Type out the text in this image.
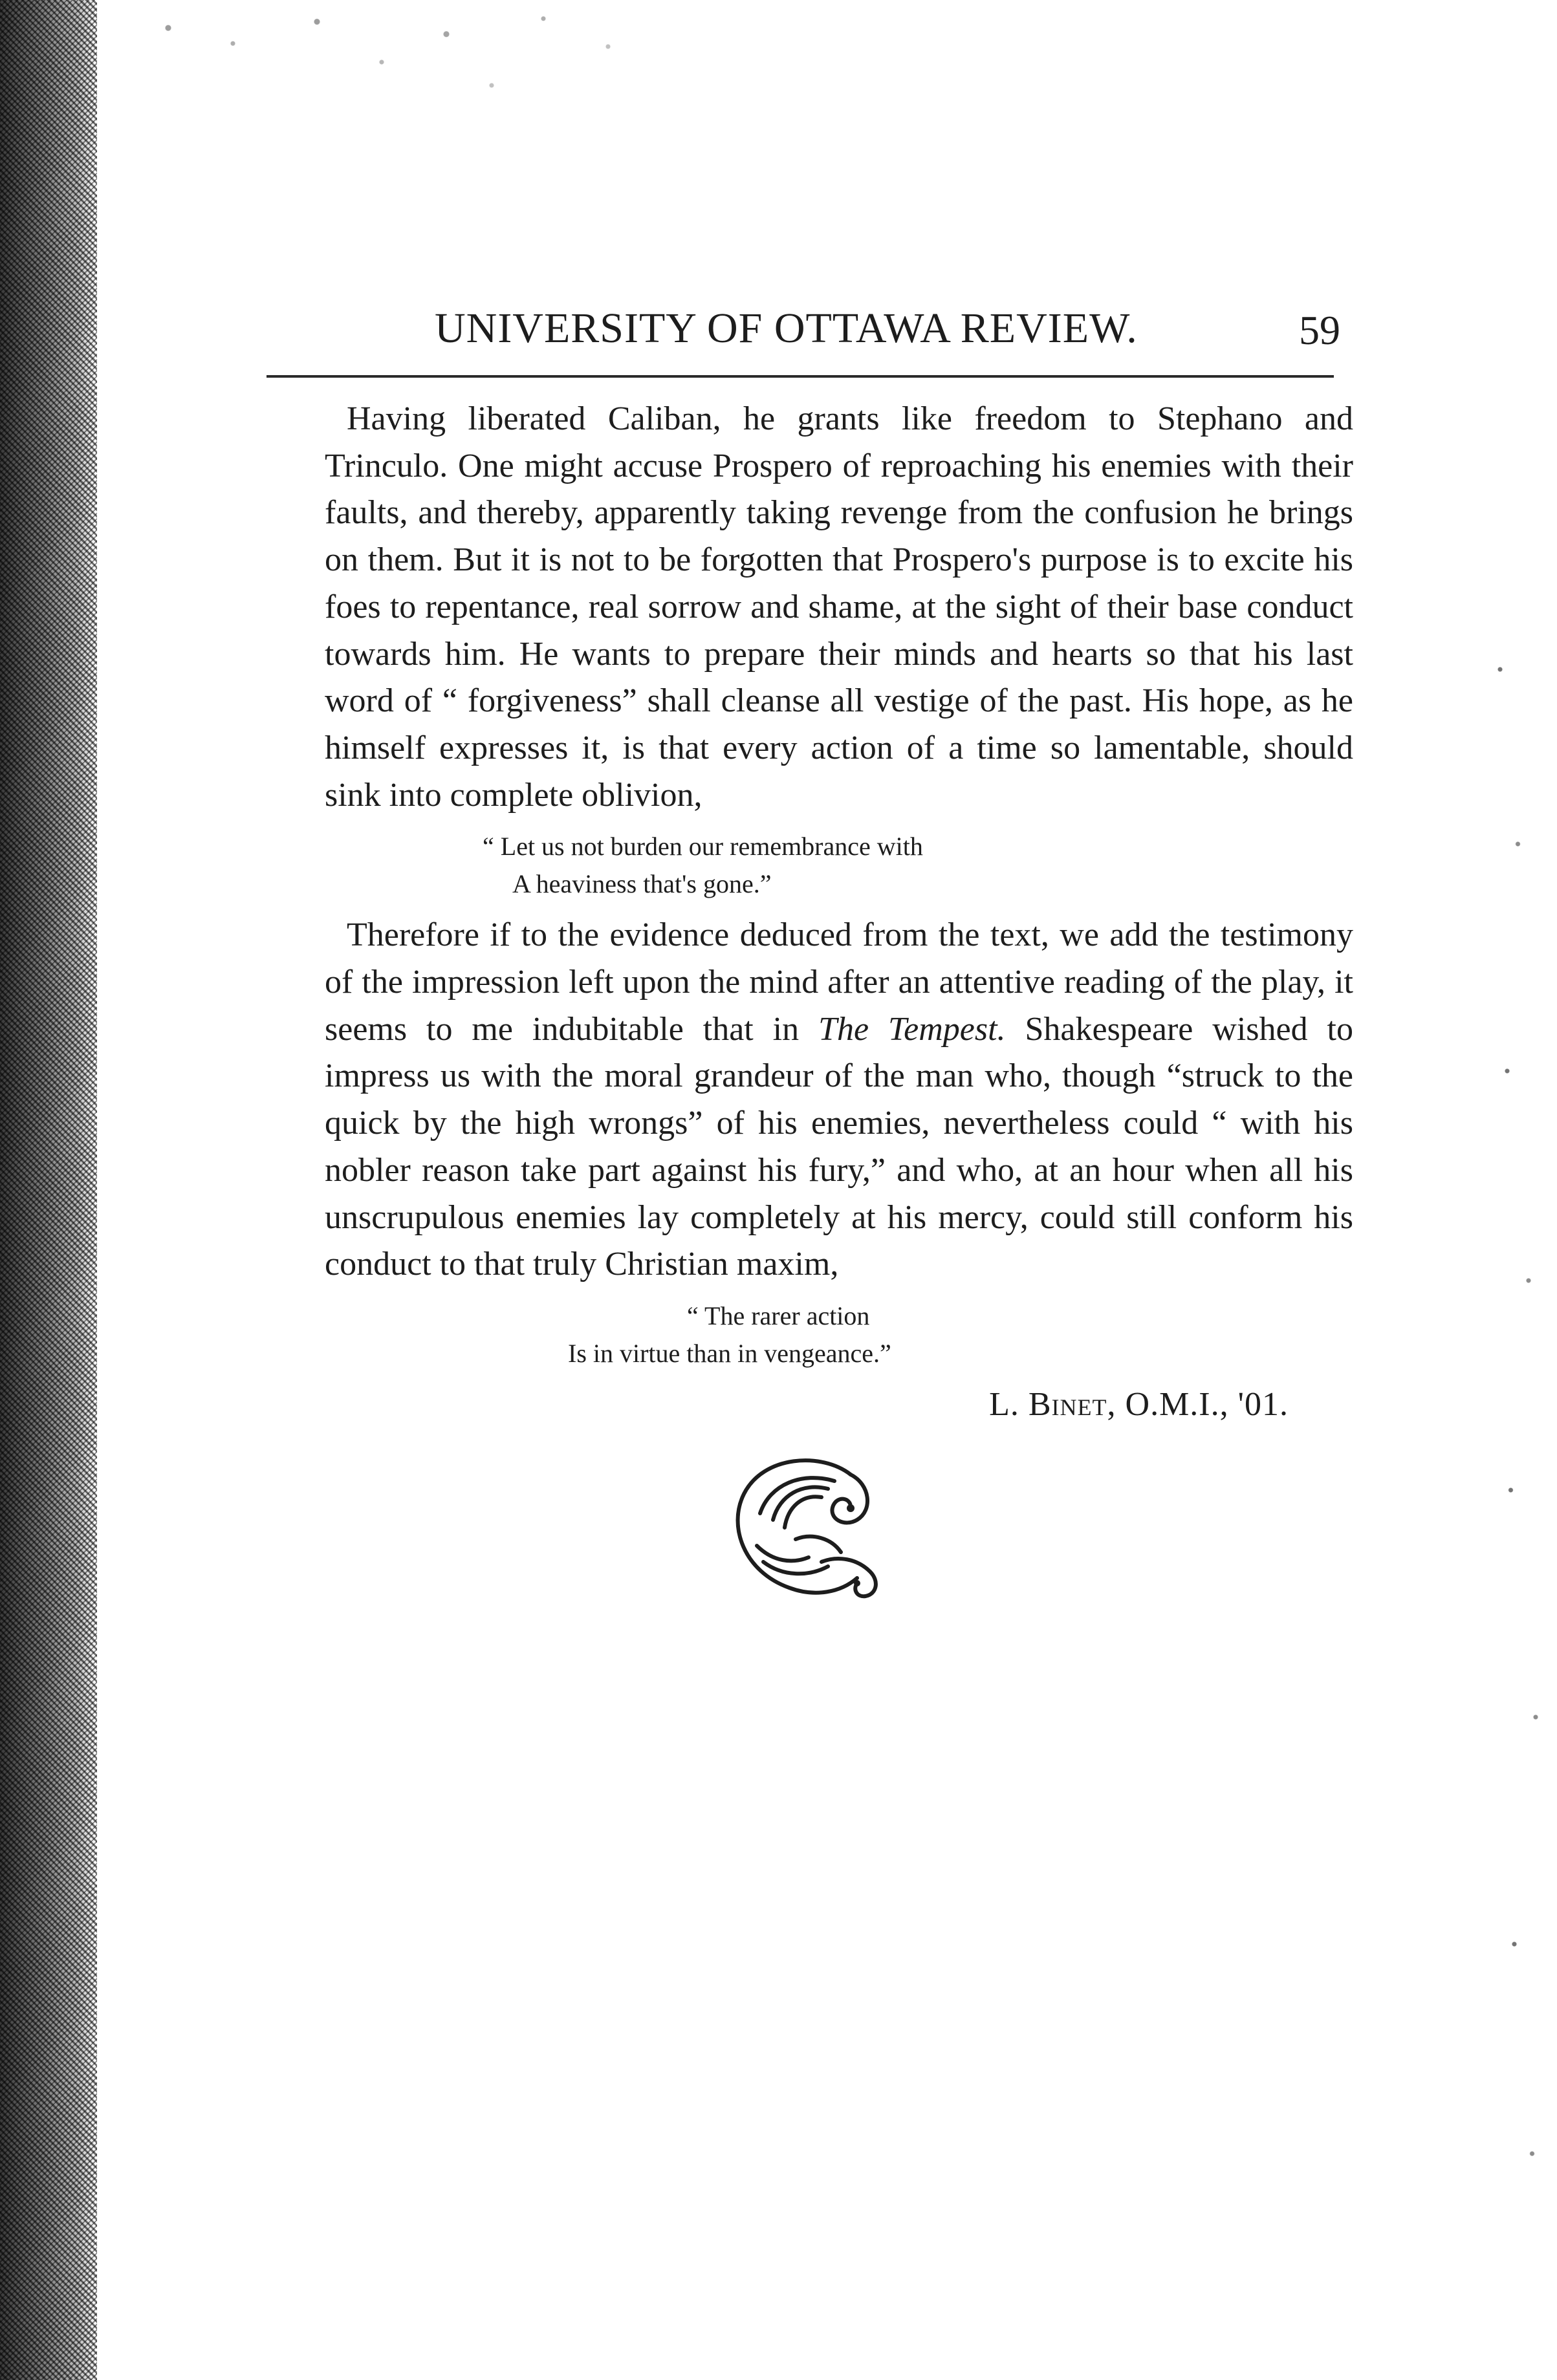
UNIVERSITY OF OTTAWA REVIEW.	59

Having liberated Caliban, he grants like freedom to Stephano and Trinculo. One might accuse Prospero of reproaching his enemies with their faults, and thereby, apparently taking revenge from the confusion he brings on them. But it is not to be forgotten that Prospero's purpose is to excite his foes to repentance, real sorrow and shame, at the sight of their base conduct towards him. He wants to prepare their minds and hearts so that his last word of “ forgiveness” shall cleanse all vestige of the past. His hope, as he himself expresses it, is that every action of a time so lamentable, should sink into complete oblivion,

“ Let us not burden our remembrance with
A heaviness that's gone.”

Therefore if to the evidence deduced from the text, we add the testimony of the impression left upon the mind after an attentive reading of the play, it seems to me indubitable that in The Tempest. Shakespeare wished to impress us with the moral grandeur of the man who, though “struck to the quick by the high wrongs” of his enemies, nevertheless could “ with his nobler reason take part against his fury,” and who, at an hour when all his unscrupulous enemies lay completely at his mercy, could still conform his conduct to that truly Christian maxim,

“ The rarer action
Is in virtue than in vengeance.”
L. Binet, O.M.I., '01.
